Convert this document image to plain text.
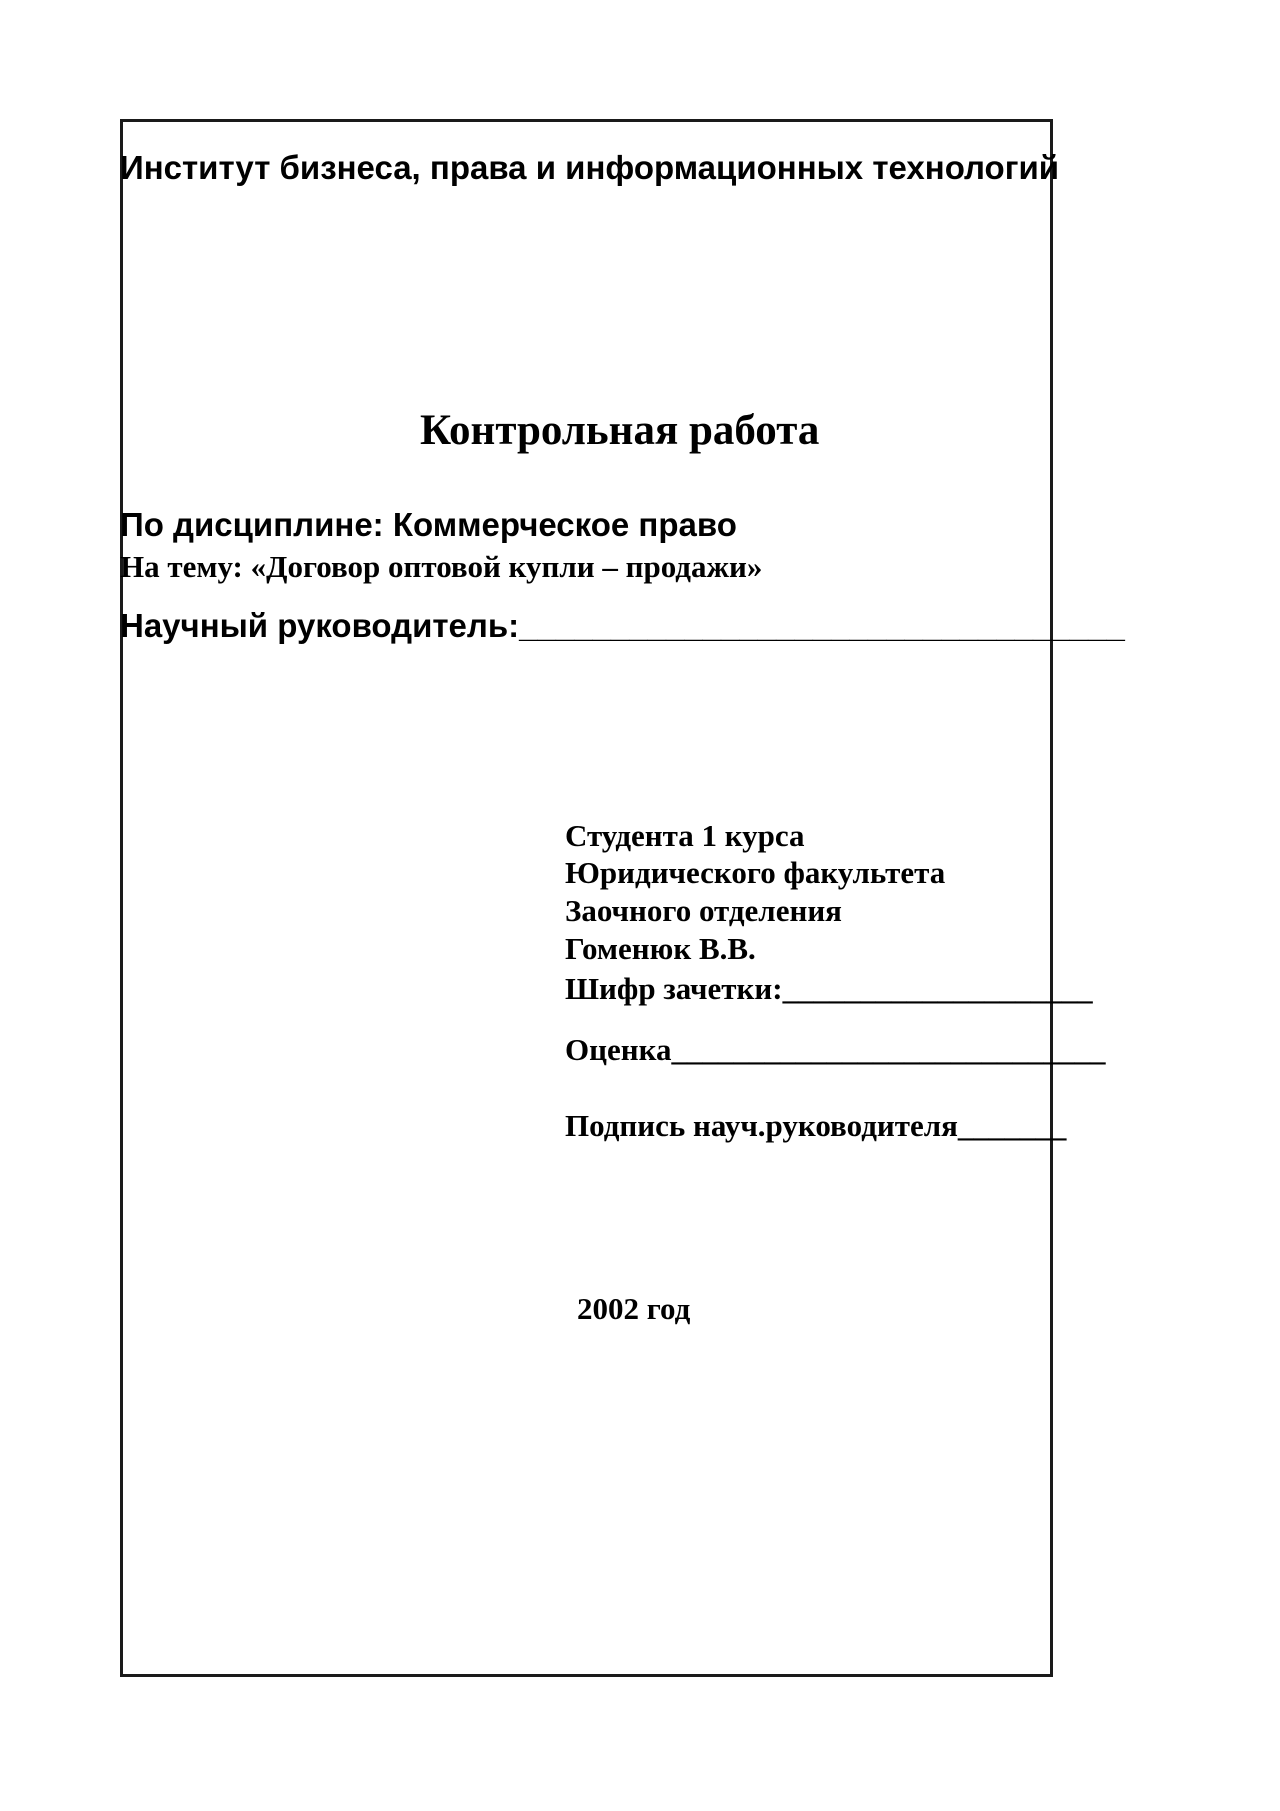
Институт бизнеса, права и информационных технологий
Контрольная работа
По дисциплине: Коммерческое право
На тему: «Договор оптовой купли – продажи»
Научный руководитель:_________________________________
Студента 1 курса
Юридического факультета
Заочного отделения
Гоменюк В.В.
Шифр зачетки:____________________
Оценка____________________________
Подпись науч.руководителя_______
2002 год
